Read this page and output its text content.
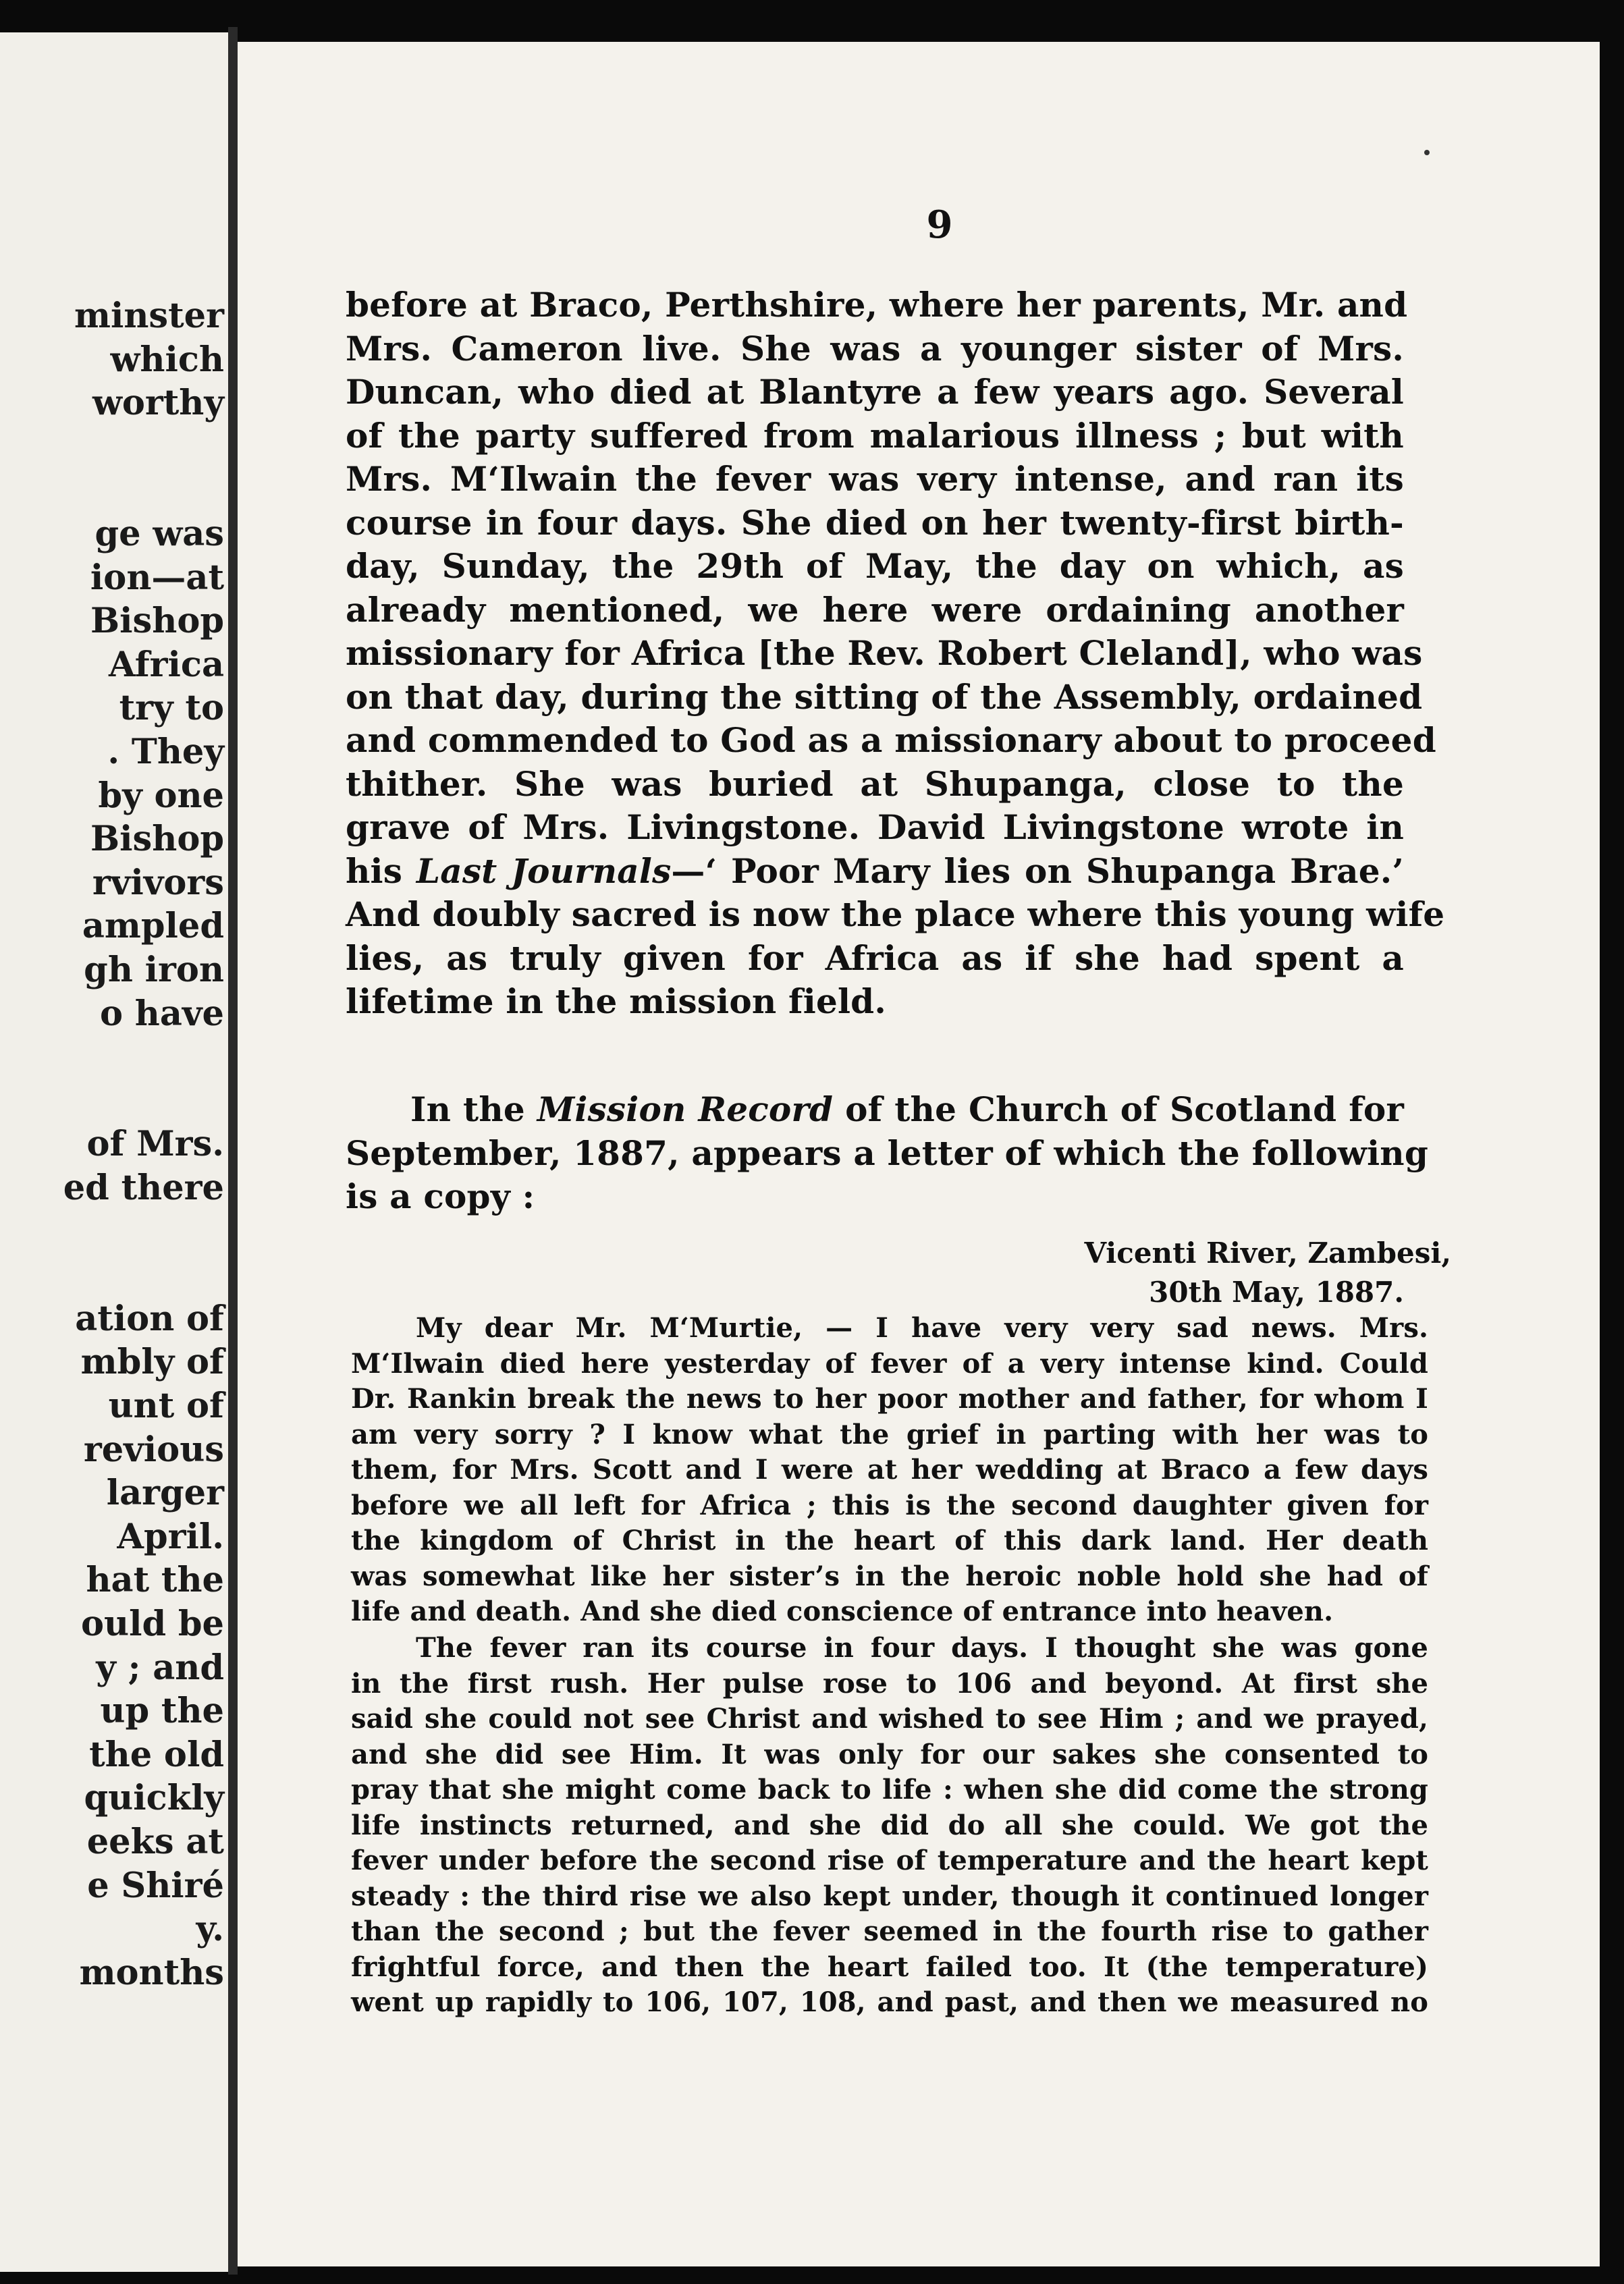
minster
which
worthy
ge was
ion—at
Bishop
Africa
try to
. They
by one
Bishop
rvivors
ampled
gh iron
o have
of Mrs.
ed there
ation of
mbly of
unt of
revious
larger
April.
hat the
ould be
y ; and
up the
the old
quickly
eeks at
e Shiré
y.
months
9

before at Braco, Perthshire, where her parents, Mr. and
Mrs. Cameron live. She was a younger sister of Mrs.
Duncan, who died at Blantyre a few years ago. Several
of the party suffered from malarious illness ; but with
Mrs. M‘Ilwain the fever was very intense, and ran its
course in four days. She died on her twenty-first birth-
day, Sunday, the 29th of May, the day on which, as
already mentioned, we here were ordaining another
missionary for Africa [the Rev. Robert Cleland], who was
on that day, during the sitting of the Assembly, ordained
and commended to God as a missionary about to proceed
thither. She was buried at Shupanga, close to the
grave of Mrs. Livingstone. David Livingstone wrote in
his Last Journals—‘ Poor Mary lies on Shupanga Brae.’
And doubly sacred is now the place where this young wife
lies, as truly given for Africa as if she had spent a
lifetime in the mission field.

In the Mission Record of the Church of Scotland for
September, 1887, appears a letter of which the following
is a copy :

Vicenti River, Zambesi,
30th May, 1887.

My dear Mr. M‘Murtie, — I have very very sad news. Mrs.
M‘Ilwain died here yesterday of fever of a very intense kind. Could
Dr. Rankin break the news to her poor mother and father, for whom I
am very sorry ? I know what the grief in parting with her was to
them, for Mrs. Scott and I were at her wedding at Braco a few days
before we all left for Africa ; this is the second daughter given for
the kingdom of Christ in the heart of this dark land. Her death
was somewhat like her sister’s in the heroic noble hold she had of
life and death. And she died conscience of entrance into heaven.

The fever ran its course in four days. I thought she was gone
in the first rush. Her pulse rose to 106 and beyond. At first she
said she could not see Christ and wished to see Him ; and we prayed,
and she did see Him. It was only for our sakes she consented to
pray that she might come back to life : when she did come the strong
life instincts returned, and she did do all she could. We got the
fever under before the second rise of temperature and the heart kept
steady : the third rise we also kept under, though it continued longer
than the second ; but the fever seemed in the fourth rise to gather
frightful force, and then the heart failed too. It (the temperature)
went up rapidly to 106, 107, 108, and past, and then we measured no
